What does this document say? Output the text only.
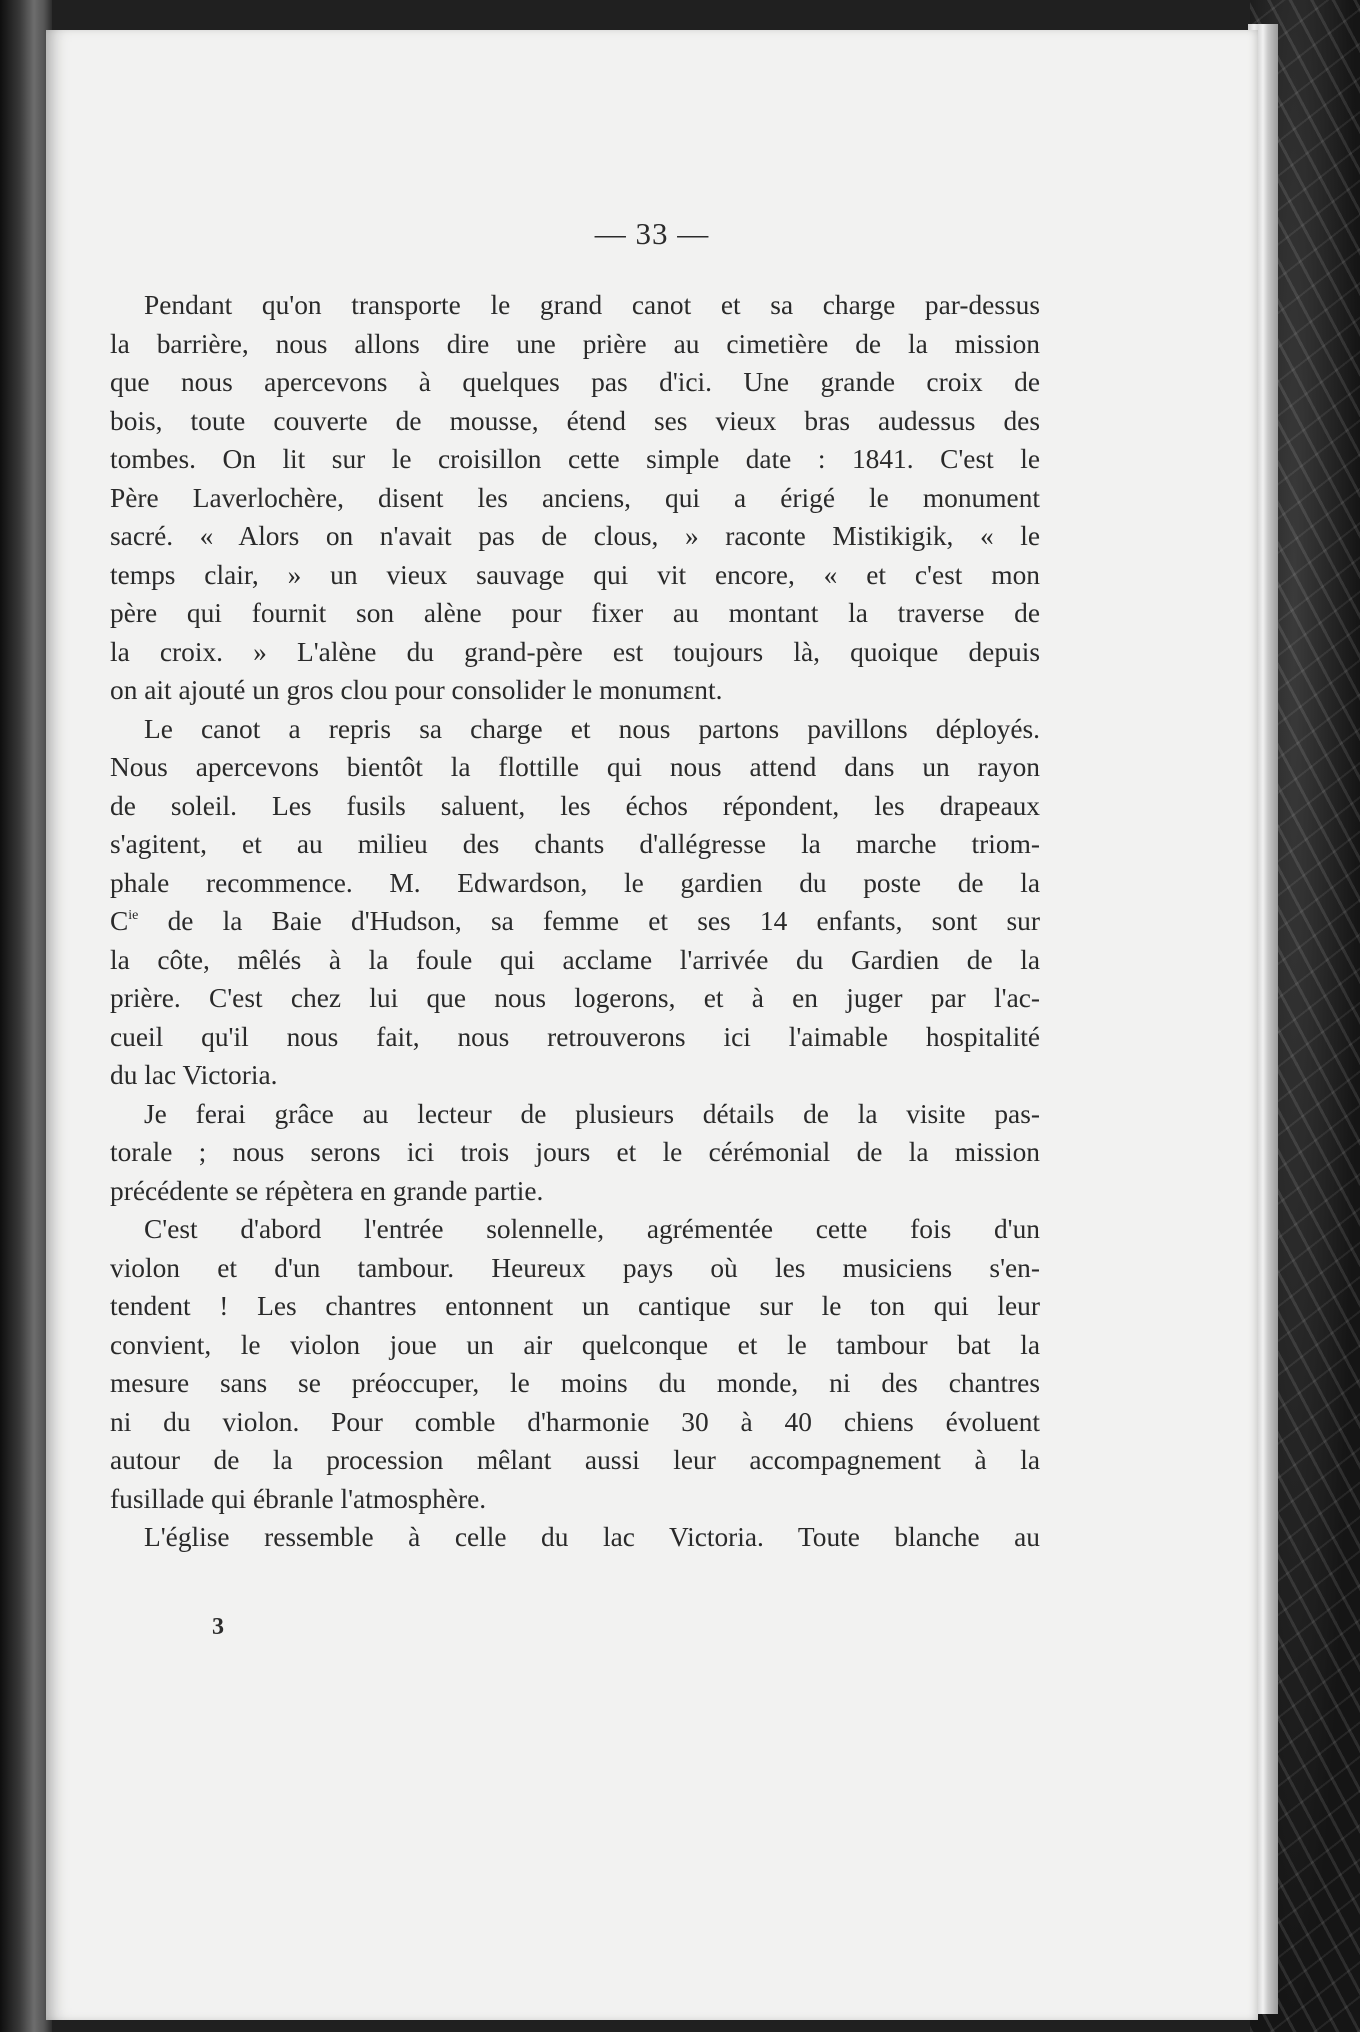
— 33 —

Pendant qu'on transporte le grand canot et sa charge par-dessus
la barrière, nous allons dire une prière au cimetière de la mission
que nous apercevons à quelques pas d'ici. Une grande croix de
bois, toute couverte de mousse, étend ses vieux bras audessus des
tombes. On lit sur le croisillon cette simple date : 1841. C'est le
Père Laverlochère, disent les anciens, qui a érigé le monument
sacré. « Alors on n'avait pas de clous, » raconte Mistikigik, « le
temps clair, » un vieux sauvage qui vit encore, « et c'est mon
père qui fournit son alène pour fixer au montant la traverse de
la croix. » L'alène du grand-père est toujours là, quoique depuis
on ait ajouté un gros clou pour consolider le monumɛnt.

Le canot a repris sa charge et nous partons pavillons déployés.
Nous apercevons bientôt la flottille qui nous attend dans un rayon
de soleil. Les fusils saluent, les échos répondent, les drapeaux
s'agitent, et au milieu des chants d'allégresse la marche triom-
phale recommence. M. Edwardson, le gardien du poste de la
$C^{ie}$ de la Baie d'Hudson, sa femme et ses 14 enfants, sont sur
la côte, mêlés à la foule qui acclame l'arrivée du Gardien de la
prière. C'est chez lui que nous logerons, et à en juger par l'ac-
cueil qu'il nous fait, nous retrouverons ici l'aimable hospitalité
du lac Victoria.

Je ferai grâce au lecteur de plusieurs détails de la visite pas-
torale ; nous serons ici trois jours et le cérémonial de la mission
précédente se répètera en grande partie.

C'est d'abord l'entrée solennelle, agrémentée cette fois d'un
violon et d'un tambour. Heureux pays où les musiciens s'en-
tendent ! Les chantres entonnent un cantique sur le ton qui leur
convient, le violon joue un air quelconque et le tambour bat la
mesure sans se préoccuper, le moins du monde, ni des chantres
ni du violon. Pour comble d'harmonie 30 à 40 chiens évoluent
autour de la procession mêlant aussi leur accompagnement à la
fusillade qui ébranle l'atmosphère.

L'église ressemble à celle du lac Victoria. Toute blanche au

3
